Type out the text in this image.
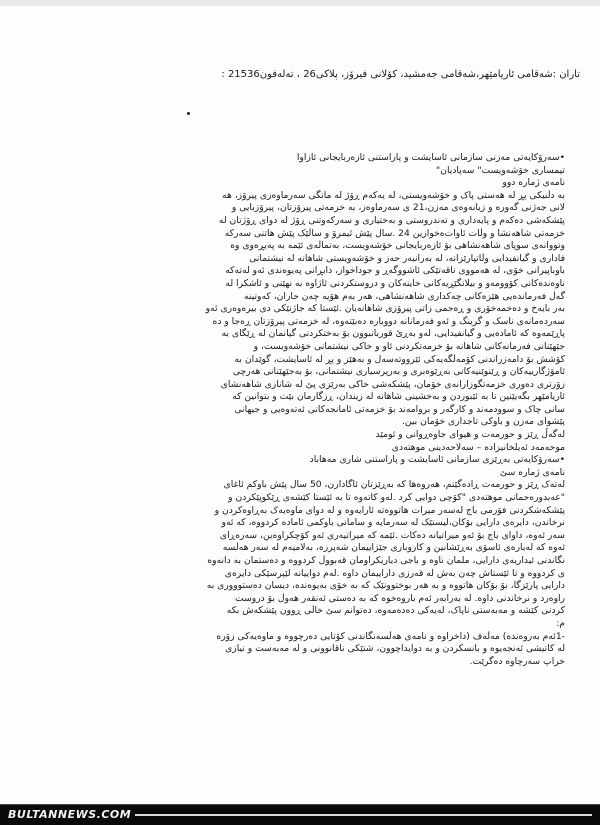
تاران :شەقامی ئاریامێهر،شەقامی جەمشید، کۆلانی فیرۆز، پلاکی26 ، تەلەفون21536 :

•سەرۆکایەتی مەزنی سازمانی ئاسایشت و پاراستنی ئازەربایجانی ئازاوا

تیمساری خۆشەویست" سەپادیان"

نامەی ژمارە دوو

بە دڵنیکی پڕ لە هەستی پاک و خۆشەویستی، لە یەکەم ڕۆژ لە مانگی سەرماوەزی پیرۆز، هە
لانی جەژنی گەورە و زیانەوەی مەزن،21 ی سەرماوەز، بە خزمەتی پیرۆزتان، پیرۆزبایی و
پێشکەشی دەکەم و پایەداری و تەندروستی و بەختیاری و سەرکەوتنی ڕۆژ لە دوای ڕۆژتان لە
خزمەتی شاهەنشا و وڵات ئاوات‌ەخوازین 24 .سال پێش ئیمرۆ و ساڵێک پێش هاتنی سەرکە
وتووانەی سوپای شاهەنشاهی بۆ ئازەربایجانی خۆشەویست، بەتماڵەی ئێمە بە پەیڕەوی وە
فاداری و گیانفیدایی وڵاتپارێزانە، لە بەرانبەر حەز و خۆشەویستی شاهانە لە نیشتمانی
باوباپیرانی خۆی، لە هەمووی ناقەتێکی ئاشووگەڕ و جوداخواز، دابڕانی پەیوەندی ئەو لەتەکە
ناوەندەکانی کۆوومەو و بیلانگێڕیەکانی خاینەکان و دروستکردنی ئاژاوە بە نهێنی و ئاشکرا لە
گەڵ فەرماندەیی هێزەکانی چەکداری شاهەنشاهی، هەر بەم هۆیە چەن جاران، کەوتینە
بەر بایەخ و دەخمەخۆری و ڕەحمی زاتی پیرۆزی شاهانەیان .ئێستا کە جاژنێکی دی بیرەوەری ئەو
سەردەمانەی ناسک و گرینگ و ئەو فەرمانانە دووبارە دەبێتەوە، لە خزمەتی پیرۆزتان ڕەجا و دە
پاڕێمەوە کە ئامادەیی و گیانفیدایی، لەو بەڕێ قوربانبوون بۆ بەختکردنی گیانمان لە ڕێگای بە
جێهێنانی فەرمانەکانی شاهانە بۆ خزمەتکردنی ئاو و خاکی نیشتمانی خۆشەویست، و
کۆشش بۆ دامەزراندنی کۆمەڵگەیەکی ئێرووتەسەل و بەهێز و پڕ لە ئاسایشت، گوێدان بە
ئامۆژگارییەکان و ڕێنوێنیەکانی بەڕێوەبری و بەرپرسیاری نیشتمانی، بۆ بەجێهێنانی هەرچی
زۆرتری دەوری خزمەتگوزارانەی خۆمان، پێشکەشی خاکی بەرێزی پێ لە شانازی شاهەنشای
ئاریامێهر بگەیێنین تا بە ئێبوردن و بەخشینی شاهانە لە زیندان، ڕزگارمان بێت و بتوانین کە
سانی چاک و سوودمەند و کارگەر و بروامەند بۆ خزمەتی ئامانجەکانی ئەتەوەیی و جیهانی
پێشوای مەزن و باوکی تاجداری خۆمان بین.

لەگەڵ ڕێز و حورمەت و هیوای جاوەڕوانی و ئومێد

موحەمەد ئەیلخانیزادە – سەلاحەدینی موهتەدی

•سەرۆکایەتی بەڕێزی سازمانی ئاسایشت و پاراستنی شاری مەهاباد

نامەی ژمارە سێ

لەتەک ڕێز و حورمەت ڕادەگێنم، هەروەها کە بەڕێزتان ئاگادارن، 50 سال پێش باوکم ئاغای
"عەبدورەحمانی موهتەدی "کۆچی دوایی کرد .لەو کاتەوە تا بە ئێستا کێشەی ڕێکوپێکردن و
پێشکەشکردنی فۆرمی باج لەسەر میرات هاتووەتە ئارایەوە و لە دوای ماوەیەک بەڕاوەکردن و
نرخاندن، دایرەی دارایی بۆکان،لیستێک لە سەرمایە و سامانی باوکمی ئامادە کردووە، کە ئەو
سەر ئەوە، داوای باج بۆ ئەو میراتیانە دەکات .ئێمە کە میراتیەری ئەو کۆچکراوەین، سەرەڕای
ئەوە کە لەبارەی ئاسۆی بەڕێشانین و کاروباری جێژاییمان شەپرزە، بەلامیەم لە سەر هەڵسە
نگاندنی ئیداریەی دارایی، ملمان ناوە و باجی دیاریکراومان قەبووڵ کردووە و دەستمان بە دانەوە
ی کردووە و تا ئێستاش چەن بەش لە قەرزی داراییمان داوە .لەم دواییانە لێپرسێکی دایرەی
دارایی پارێزگا، بۆ بۆکان هاتووە و بە هەر بوختوونێک کە بە خۆی بەیوەندە، دیسان دەستوووری بە
راوەرد و نرخاندنی داوە. لە بەرابەر ئەم باروەخوه کە بە دەستی ئەنقەر هەوڵ بۆ دروست
کردنی کێشە و مەبەستی ناپاک، لەیەکی دەدەمەوە، دەتوانم سێ خاڵی ڕوون پێشکەش بکە
م:
-1ئەم بەروەندە) مەڵەف (داخراوە و نامەی هەڵسەنگاندنی کۆتایی دەرچووە و ماوەیەکی زۆرە
لە کاتیشی ئەنجەیوە و بانسکردن و بە دوایداچوون، شتێکی ناقانوونی و لە مەبەست و نیازی
خراپ سەرچاوە دەگرێت.
BULTANNEWS.COM
